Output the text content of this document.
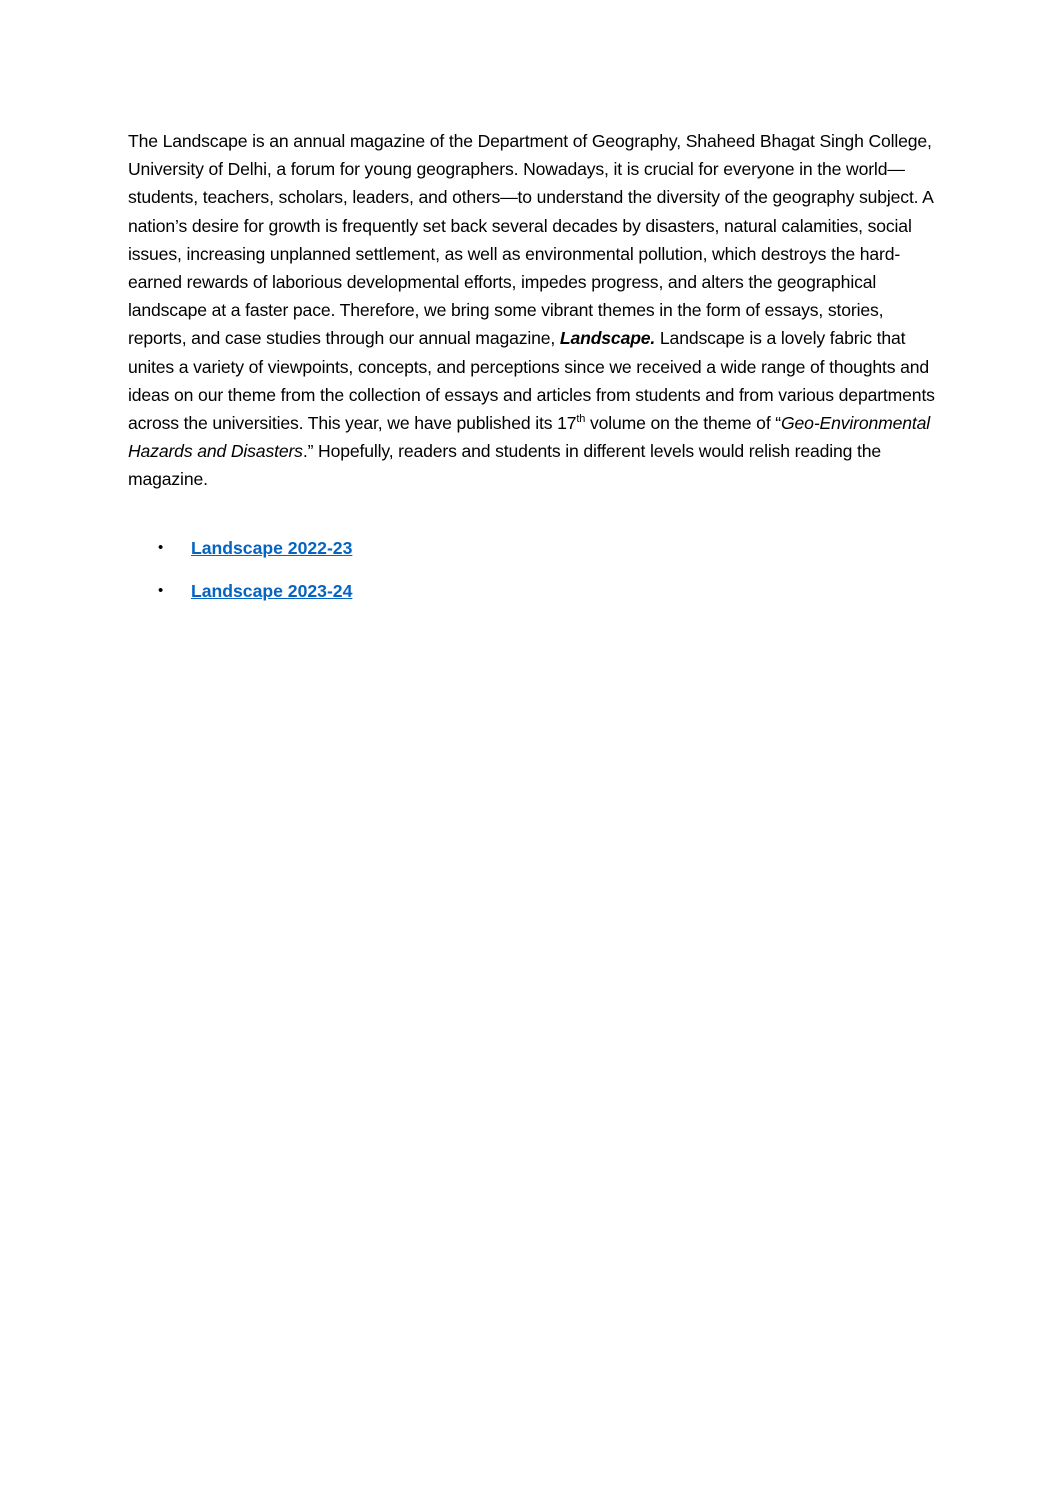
The Landscape is an annual magazine of the Department of Geography, Shaheed Bhagat Singh College, University of Delhi, a forum for young geographers. Nowadays, it is crucial for everyone in the world—students, teachers, scholars, leaders, and others—to understand the diversity of the geography subject. A nation’s desire for growth is frequently set back several decades by disasters, natural calamities, social issues, increasing unplanned settlement, as well as environmental pollution, which destroys the hard-earned rewards of laborious developmental efforts, impedes progress, and alters the geographical landscape at a faster pace. Therefore, we bring some vibrant themes in the form of essays, stories, reports, and case studies through our annual magazine, Landscape. Landscape is a lovely fabric that unites a variety of viewpoints, concepts, and perceptions since we received a wide range of thoughts and ideas on our theme from the collection of essays and articles from students and from various departments across the universities. This year, we have published its 17th volume on the theme of “Geo-Environmental Hazards and Disasters.” Hopefully, readers and students in different levels would relish reading the magazine.

• Landscape 2022-23
• Landscape 2023-24
